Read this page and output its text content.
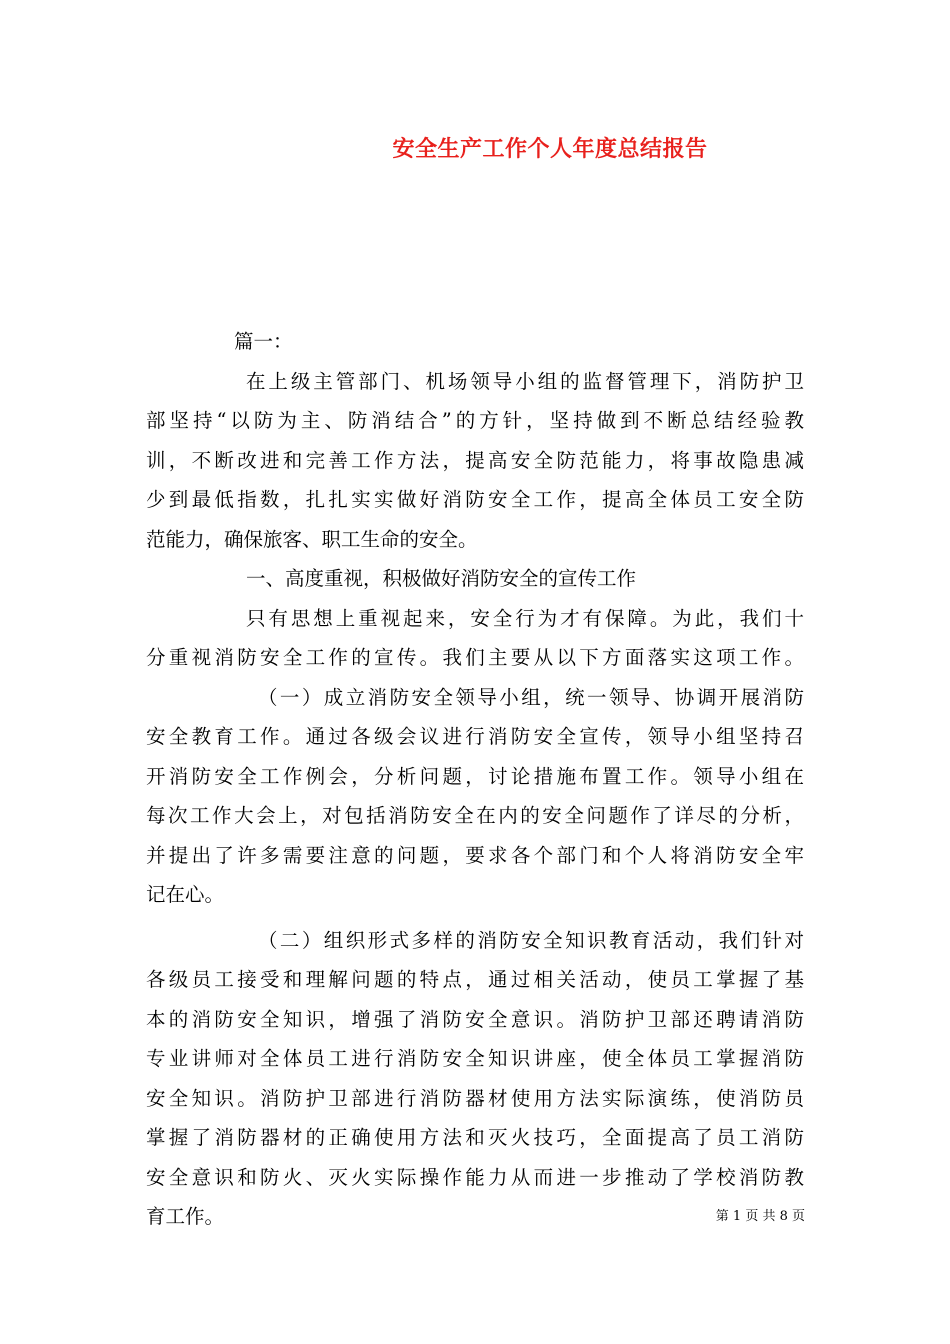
安全生产工作个人年度总结报告
篇一：
在上级主管部门、机场领导小组的监督管理下，消防护卫
部坚持“以防为主、防消结合”的方针，坚持做到不断总结经验教
训，不断改进和完善工作方法，提高安全防范能力，将事故隐患减
少到最低指数，扎扎实实做好消防安全工作，提高全体员工安全防
范能力，确保旅客、职工生命的安全。
一、高度重视，积极做好消防安全的宣传工作
只有思想上重视起来，安全行为才有保障。为此，我们十
分重视消防安全工作的宣传。我们主要从以下方面落实这项工作。
（一）成立消防安全领导小组，统一领导、协调开展消防
安全教育工作。通过各级会议进行消防安全宣传，领导小组坚持召
开消防安全工作例会，分析问题，讨论措施布置工作。领导小组在
每次工作大会上，对包括消防安全在内的安全问题作了详尽的分析，
并提出了许多需要注意的问题，要求各个部门和个人将消防安全牢
记在心。
（二）组织形式多样的消防安全知识教育活动，我们针对
各级员工接受和理解问题的特点，通过相关活动，使员工掌握了基
本的消防安全知识，增强了消防安全意识。消防护卫部还聘请消防
专业讲师对全体员工进行消防安全知识讲座，使全体员工掌握消防
安全知识。消防护卫部进行消防器材使用方法实际演练，使消防员
掌握了消防器材的正确使用方法和灭火技巧，全面提高了员工消防
安全意识和防火、灭火实际操作能力从而进一步推动了学校消防教
育工作。	第 1 页 共 8 页
